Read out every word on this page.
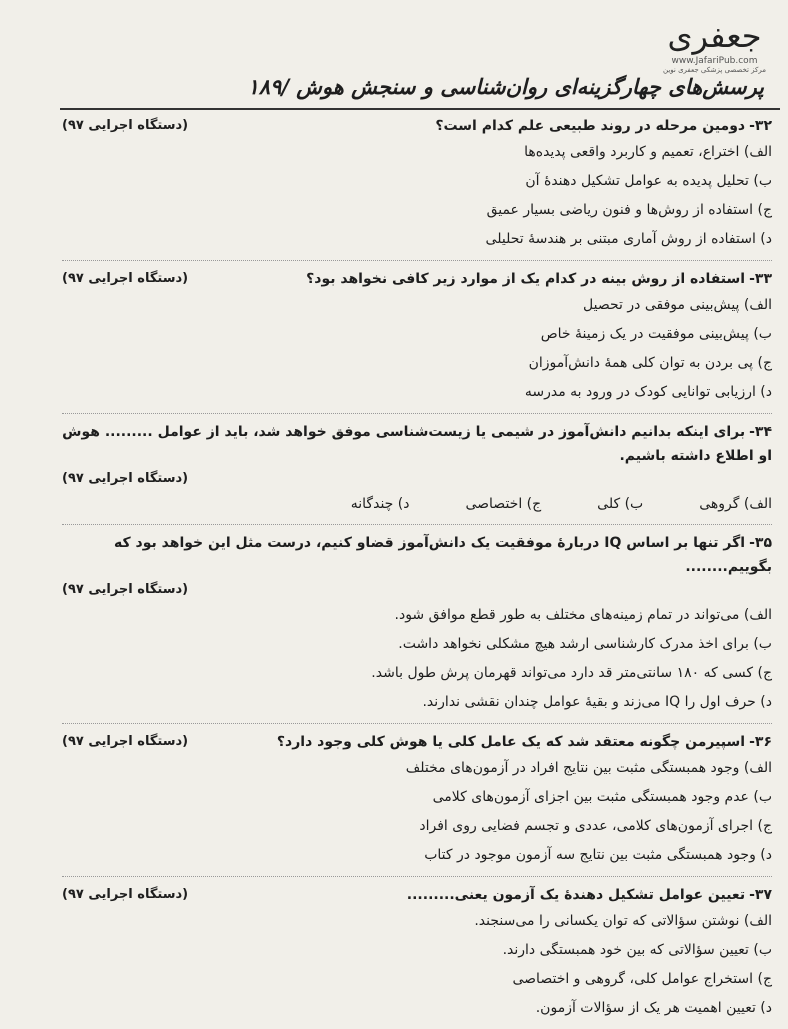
جعفری
www.JafariPub.com
مرکز تخصصی پزشکی جعفری نوین
پرسش‌های چهارگزینه‌ای روان‌شناسی و سنجش هوش /۱۸۹
۳۲-دومین مرحله در روند طبیعی علم کدام است؟
(دستگاه اجرایی ۹۷)
الف) اختراع، تعمیم و کاربرد واقعی پدیده‌ها
ب) تحلیل پدیده به عوامل تشکیل دهندهٔ آن
ج) استفاده از روش‌ها و فنون ریاضی بسیار عمیق
د) استفاده از روش آماری مبتنی بر هندسهٔ تحلیلی
۳۳-استفاده از روش بینه در کدام یک از موارد زیر کافی نخواهد بود؟
(دستگاه اجرایی ۹۷)
الف) پیش‌بینی موفقی در تحصیل
ب) پیش‌بینی موفقیت در یک زمینهٔ خاص
ج) پی بردن به توان کلی همهٔ دانش‌آموزان
د) ارزیابی توانایی کودک در ورود به مدرسه
۳۴-برای اینکه بدانیم دانش‌آموز در شیمی یا زیست‌شناسی موفق خواهد شد، باید از عوامل ......... هوش او اطلاع داشته باشیم.
(دستگاه اجرایی ۹۷)
الف) گروهی
ب) کلی
ج) اختصاصی
د) چندگانه
۳۵-اگر تنها بر اساس IQ دربارهٔ موفقیت یک دانش‌آموز قضاو کنیم، درست مثل این خواهد بود که بگوییم........
(دستگاه اجرایی ۹۷)
الف) می‌تواند در تمام زمینه‌های مختلف به طور قطع موافق شود.
ب) برای اخذ مدرک کارشناسی ارشد هیچ مشکلی نخواهد داشت.
ج) کسی که ۱۸۰ سانتی‌متر قد دارد می‌تواند قهرمان پرش طول باشد.
د) حرف اول را IQ می‌زند و بقیهٔ عوامل چندان نقشی ندارند.
۳۶-اسپیرمن چگونه معتقد شد که یک عامل کلی یا هوش کلی وجود دارد؟
(دستگاه اجرایی ۹۷)
الف) وجود همبستگی مثبت بین نتایج افراد در آزمون‌های مختلف
ب) عدم وجود همبستگی مثبت بین اجزای آزمون‌های کلامی
ج) اجرای آزمون‌های کلامی، عددی و تجسم فضایی روی افراد
د) وجود همبستگی مثبت بین نتایج سه آزمون موجود در کتاب
۳۷-تعیین عوامل تشکیل دهندهٔ یک آزمون یعنی.........
(دستگاه اجرایی ۹۷)
الف) نوشتن سؤالاتی که توان یکسانی را می‌سنجند.
ب) تعیین سؤالاتی که بین خود همبستگی دارند.
ج) استخراج عوامل کلی، گروهی و اختصاصی
د) تعیین اهمیت هر یک از سؤالات آزمون.
